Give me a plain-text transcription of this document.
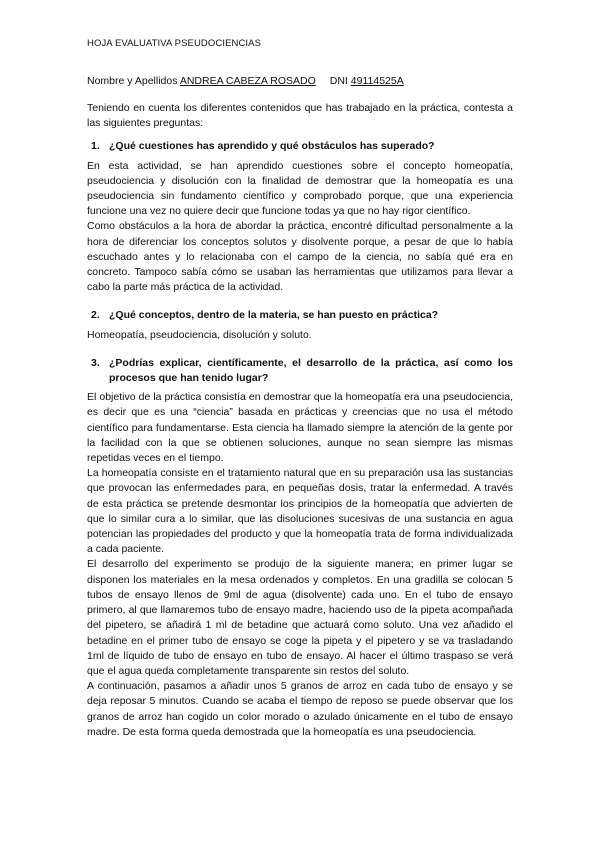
HOJA EVALUATIVA PSEUDOCIENCIAS
Nombre y Apellidos ANDREA CABEZA ROSADO DNI 49114525A

Teniendo en cuenta los diferentes contenidos que has trabajado en la práctica, contesta a las siguientes preguntas:

1. ¿Qué cuestiones has aprendido y qué obstáculos has superado?

En esta actividad, se han aprendido cuestiones sobre el concepto homeopatía, pseudociencia y disolución con la finalidad de demostrar que la homeopatía es una pseudociencia sin fundamento científico y comprobado porque, que una experiencia funcione una vez no quiere decir que funcione todas ya que no hay rigor científico.

Como obstáculos a la hora de abordar la práctica, encontré dificultad personalmente a la hora de diferenciar los conceptos solutos y disolvente porque, a pesar de que lo había escuchado antes y lo relacionaba con el campo de la ciencia, no sabía qué era en concreto. Tampoco sabía cómo se usaban las herramientas que utilizamos para llevar a cabo la parte más práctica de la actividad.

2. ¿Qué conceptos, dentro de la materia, se han puesto en práctica?

Homeopatía, pseudociencia, disolución y soluto.

3. ¿Podrías explicar, científicamente, el desarrollo de la práctica, así como los procesos que han tenido lugar?

El objetivo de la práctica consistía en demostrar que la homeopatía era una pseudociencia, es decir que es una “ciencia” basada en prácticas y creencias que no usa el método científico para fundamentarse. Esta ciencia ha llamado siempre la atención de la gente por la facilidad con la que se obtienen soluciones, aunque no sean siempre las mismas repetidas veces en el tiempo.

La homeopatía consiste en el tratamiento natural que en su preparación usa las sustancias que provocan las enfermedades para, en pequeñas dosis, tratar la enfermedad. A través de esta práctica se pretende desmontar los principios de la homeopatía que advierten de que lo similar cura a lo similar, que las disoluciones sucesivas de una sustancia en agua potencian las propiedades del producto y que la homeopatía trata de forma individualizada a cada paciente.

El desarrollo del experimento se produjo de la siguiente manera; en primer lugar se disponen los materiales en la mesa ordenados y completos. En una gradilla se colocan 5 tubos de ensayo llenos de 9ml de agua (disolvente) cada uno. En el tubo de ensayo primero, al que llamaremos tubo de ensayo madre, haciendo uso de la pipeta acompañada del pipetero, se añadirá 1 ml de betadine que actuará como soluto. Una vez añadido el betadine en el primer tubo de ensayo se coge la pipeta y el pipetero y se va trasladando 1ml de líquido de tubo de ensayo en tubo de ensayo. Al hacer el último traspaso se verá que el agua queda completamente transparente sin restos del soluto.

A continuación, pasamos a añadir unos 5 granos de arroz en cada tubo de ensayo y se deja reposar 5 minutos. Cuando se acaba el tiempo de reposo se puede observar que los granos de arroz han cogido un color morado o azulado únicamente en el tubo de ensayo madre. De esta forma queda demostrada que la homeopatía es una pseudociencia.
